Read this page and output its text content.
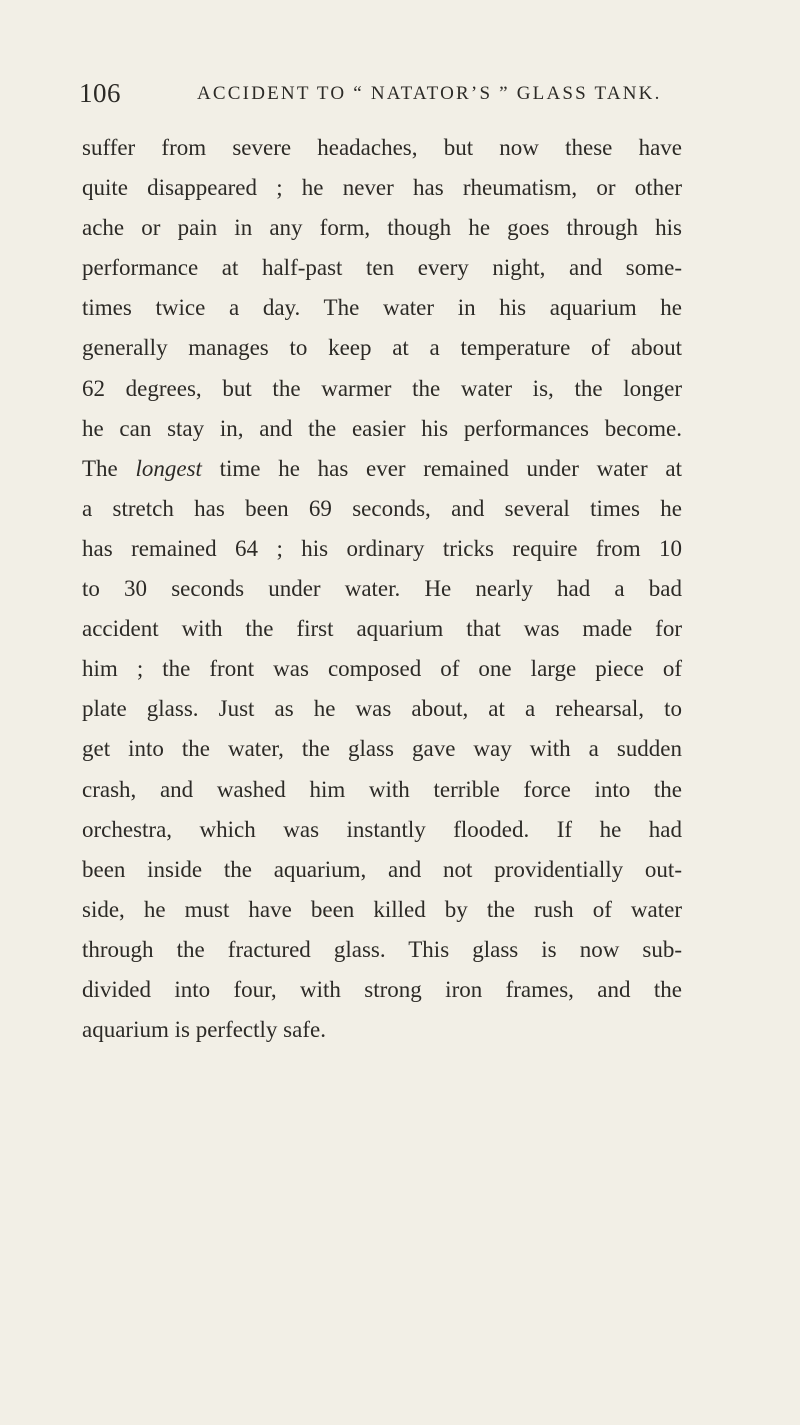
106	ACCIDENT TO “ NATATOR’S ” GLASS TANK.
suffer from severe headaches, but now these have
quite disappeared ; he never has rheumatism, or other
ache or pain in any form, though he goes through his
performance at half-past ten every night, and some-
times twice a day. The water in his aquarium he
generally manages to keep at a temperature of about
62 degrees, but the warmer the water is, the longer
he can stay in, and the easier his performances become.
The longest time he has ever remained under water at
a stretch has been 69 seconds, and several times he
has remained 64 ; his ordinary tricks require from 10
to 30 seconds under water. He nearly had a bad
accident with the first aquarium that was made for
him ; the front was composed of one large piece of
plate glass. Just as he was about, at a rehearsal, to
get into the water, the glass gave way with a sudden
crash, and washed him with terrible force into the
orchestra, which was instantly flooded. If he had
been inside the aquarium, and not providentially out-
side, he must have been killed by the rush of water
through the fractured glass. This glass is now sub-
divided into four, with strong iron frames, and the
aquarium is perfectly safe.
